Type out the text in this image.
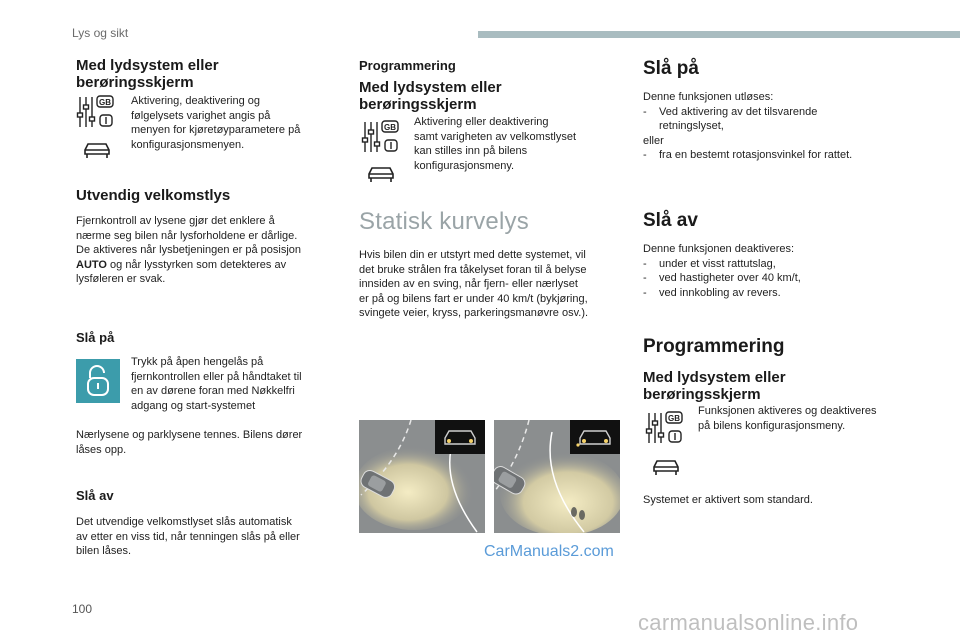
Lys og sikt
Med lydsystem eller berøringsskjerm
GB Aktivering, deaktivering og
følgelysets varighet angis på
menyen for kjøretøyparametere på
konfigurasjonsmenyen.

Utvendig velkomstlys

Fjernkontroll av lysene gjør det enklere å
nærme seg bilen når lysforholdene er dårlige.
De aktiveres når lysbetjeningen er på posisjon
AUTO og når lysstyrken som detekteres av
lysføleren er svak.

Slå på

Trykk på åpen hengelås på
fjernkontrollen eller på håndtaket til
en av dørene foran med Nøkkelfri
adgang og start-systemet

Nærlysene og parklysene tennes. Bilens dører
låses opp.

Slå av

Det utvendige velkomstlyset slås automatisk
av etter en viss tid, når tenningen slås på eller
bilen låses.

Programmering
Med lydsystem eller berøringsskjerm
GB Aktivering eller deaktivering
samt varigheten av velkomstlyset
kan stilles inn på bilens
konfigurasjonsmeny.

Statisk kurvelys

Hvis bilen din er utstyrt med dette systemet, vil
det bruke strålen fra tåkelyset foran til å belyse
innsiden av en sving, når fjern- eller nærlyset
er på og bilens fart er under 40 km/t (bykjøring,
svingete veier, kryss, parkeringsmanøvre osv.).

CarManuals2.com
Slå på

Denne funksjonen utløses:
-	Ved aktivering av det tilsvarende
retningslyset,
eller
-	fra en bestemt rotasjonsvinkel for rattet.

Slå av

Denne funksjonen deaktiveres:
-	under et visst rattutslag,
-	ved hastigheter over 40 km/t,
-	ved innkobling av revers.

Programmering
Med lydsystem eller berøringsskjerm
GB

Funksjonen aktiveres og deaktiveres
på bilens konfigurasjonsmeny.

Systemet er aktivert som standard.

100
carmanualsonline.info
